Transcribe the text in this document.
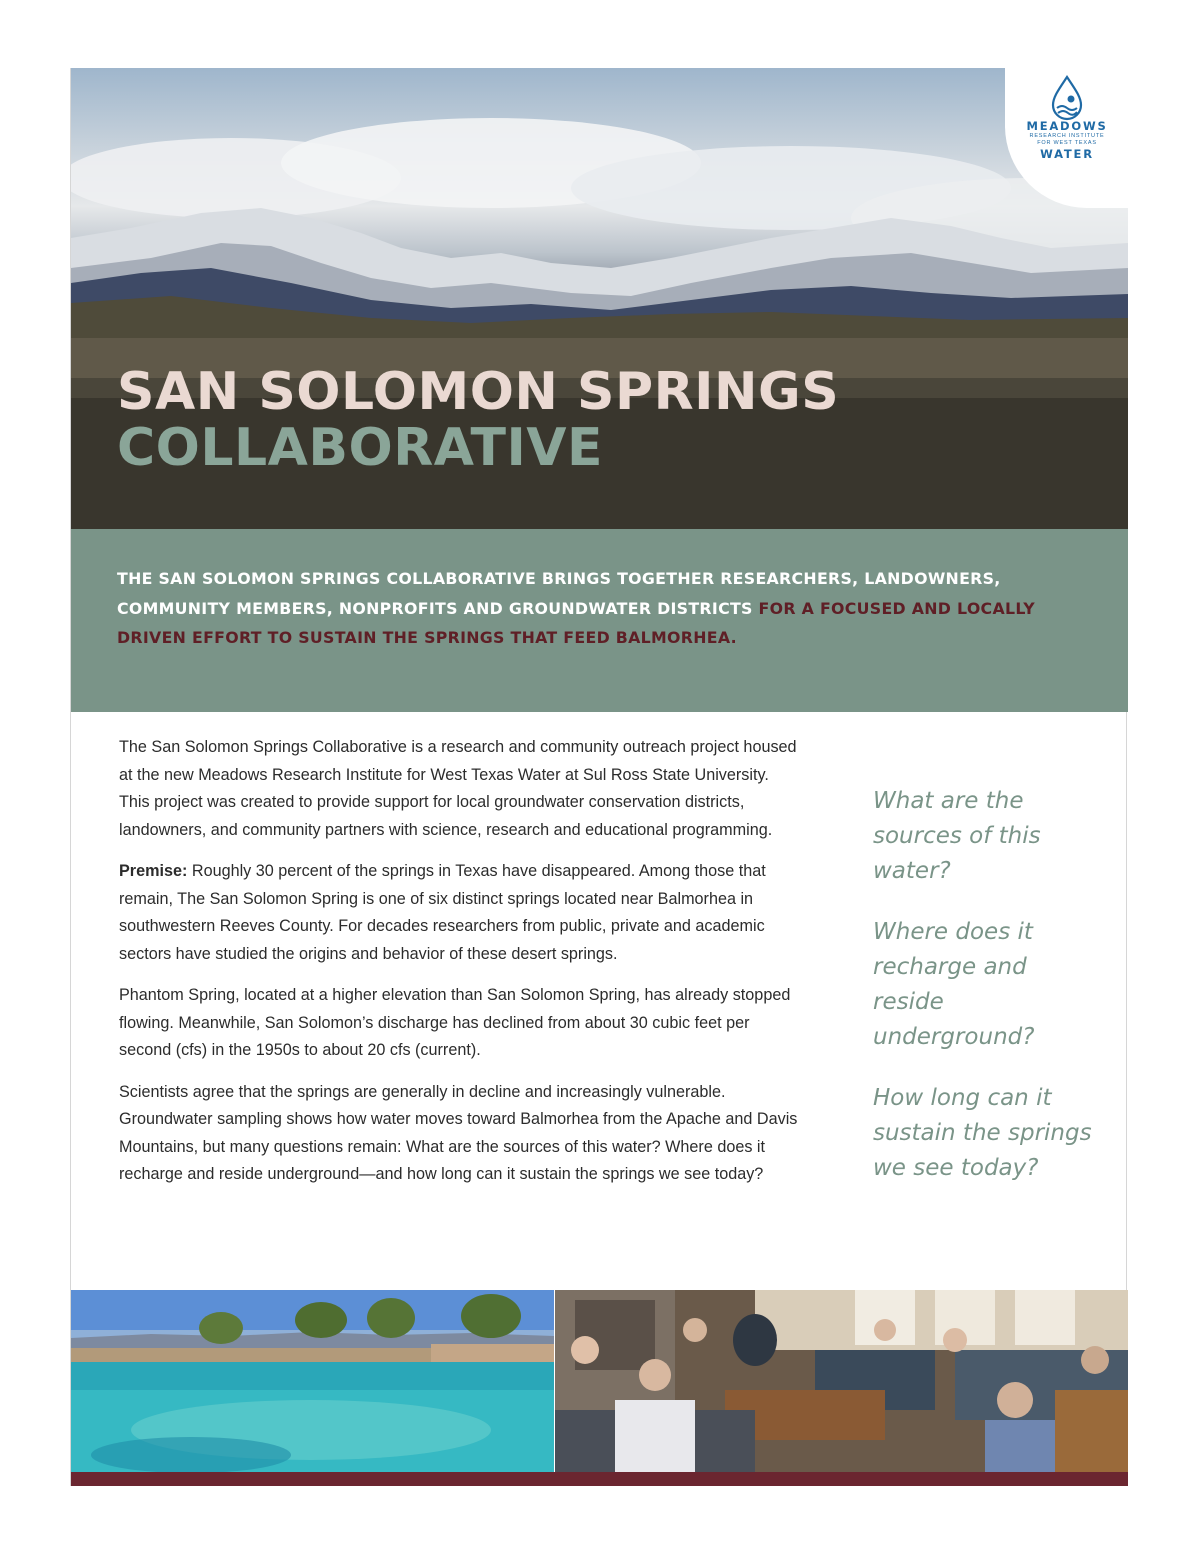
SAN SOLOMON SPRINGS
COLLABORATIVE
MEADOWS
RESEARCH INSTITUTE
FOR WEST TEXAS
WATER

THE SAN SOLOMON SPRINGS COLLABORATIVE BRINGS TOGETHER RESEARCHERS, LANDOWNERS, COMMUNITY MEMBERS, NONPROFITS AND GROUNDWATER DISTRICTS FOR A FOCUSED AND LOCALLY DRIVEN EFFORT TO SUSTAIN THE SPRINGS THAT FEED BALMORHEA.

The San Solomon Springs Collaborative is a research and community outreach project housed at the new Meadows Research Institute for West Texas Water at Sul Ross State University. This project was created to provide support for local groundwater conservation districts, landowners, and community partners with science, research and educational programming.

Premise: Roughly 30 percent of the springs in Texas have disappeared. Among those that remain, The San Solomon Spring is one of six distinct springs located near Balmorhea in southwestern Reeves County. For decades researchers from public, private and academic sectors have studied the origins and behavior of these desert springs.

Phantom Spring, located at a higher elevation than San Solomon Spring, has already stopped flowing. Meanwhile, San Solomon’s discharge has declined from about 30 cubic feet per second (cfs) in the 1950s to about 20 cfs (current).

Scientists agree that the springs are generally in decline and increasingly vulnerable. Groundwater sampling shows how water moves toward Balmorhea from the Apache and Davis Mountains, but many questions remain: What are the sources of this water? Where does it recharge and reside underground—and how long can it sustain the springs we see today?

What are the sources of this water?

Where does it recharge and reside underground?

How long can it sustain the springs we see today?
